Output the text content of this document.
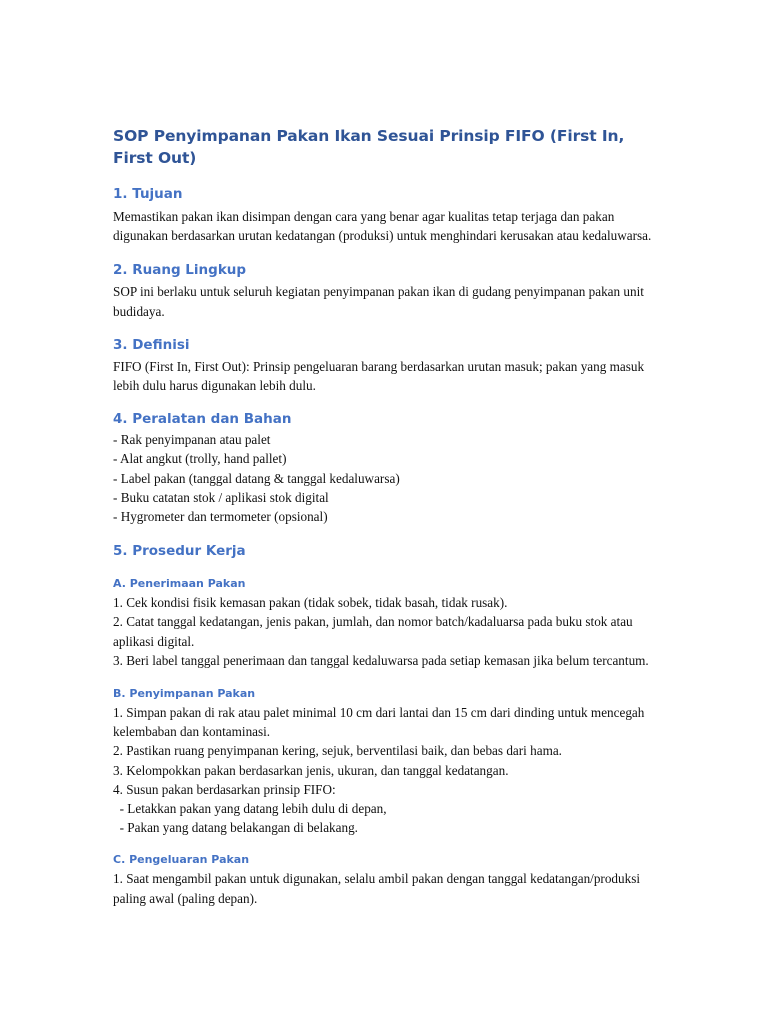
SOP Penyimpanan Pakan Ikan Sesuai Prinsip FIFO (First In, First Out)
1. Tujuan

Memastikan pakan ikan disimpan dengan cara yang benar agar kualitas tetap terjaga dan pakan digunakan berdasarkan urutan kedatangan (produksi) untuk menghindari kerusakan atau kedaluwarsa.

2. Ruang Lingkup

SOP ini berlaku untuk seluruh kegiatan penyimpanan pakan ikan di gudang penyimpanan pakan unit budidaya.

3. Definisi

FIFO (First In, First Out): Prinsip pengeluaran barang berdasarkan urutan masuk; pakan yang masuk lebih dulu harus digunakan lebih dulu.

4. Peralatan dan Bahan
- Rak penyimpanan atau palet
- Alat angkut (trolly, hand pallet)
- Label pakan (tanggal datang & tanggal kedaluwarsa)
- Buku catatan stok / aplikasi stok digital
- Hygrometer dan termometer (opsional)
5. Prosedur Kerja
A. Penerimaan Pakan

1. Cek kondisi fisik kemasan pakan (tidak sobek, tidak basah, tidak rusak).

2. Catat tanggal kedatangan, jenis pakan, jumlah, dan nomor batch/kadaluarsa pada buku stok atau aplikasi digital.

3. Beri label tanggal penerimaan dan tanggal kedaluwarsa pada setiap kemasan jika belum tercantum.

B. Penyimpanan Pakan

1. Simpan pakan di rak atau palet minimal 10 cm dari lantai dan 15 cm dari dinding untuk mencegah kelembaban dan kontaminasi.

2. Pastikan ruang penyimpanan kering, sejuk, berventilasi baik, dan bebas dari hama.

3. Kelompokkan pakan berdasarkan jenis, ukuran, dan tanggal kedatangan.

4. Susun pakan berdasarkan prinsip FIFO:

- Letakkan pakan yang datang lebih dulu di depan,
- Pakan yang datang belakangan di belakang.
C. Pengeluaran Pakan

1. Saat mengambil pakan untuk digunakan, selalu ambil pakan dengan tanggal kedatangan/produksi paling awal (paling depan).
